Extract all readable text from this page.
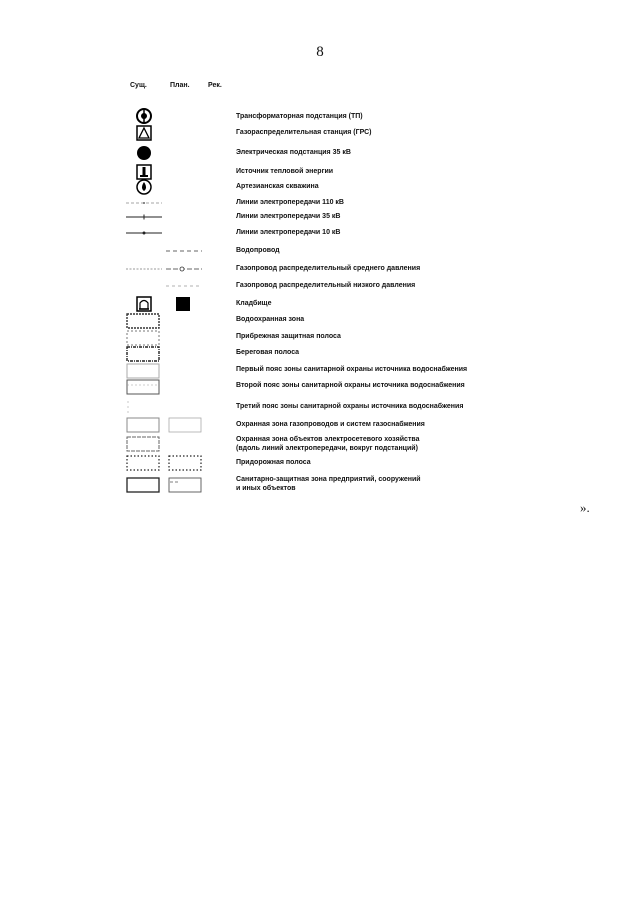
8
Сущ.	План.	Рек.
Трансформаторная подстанция (ТП)
Газораспределительная станция (ГРС)
Электрическая подстанция 35 кВ
Источник тепловой энергии
Артезианская скважина
Линии электропередачи 110 кВ
Линии электропередачи 35 кВ
Линии электропередачи 10 кВ
Водопровод
Газопровод распределительный среднего давления
Газопровод распределительный низкого давления
Кладбище
Водоохранная зона
Прибрежная защитная полоса
Береговая полоса
Первый пояс зоны санитарной охраны источника водоснабжения
Второй пояс зоны санитарной охраны источника водоснабжения
Третий пояс зоны санитарной охраны источника водоснабжения
Охранная зона газопроводов и систем газоснабжения
Охранная зона объектов электросетевого хозяйства
(вдоль линий электропередачи, вокруг подстанций)
Придорожная полоса
Санитарно-защитная зона предприятий, сооружений
и иных объектов
».
